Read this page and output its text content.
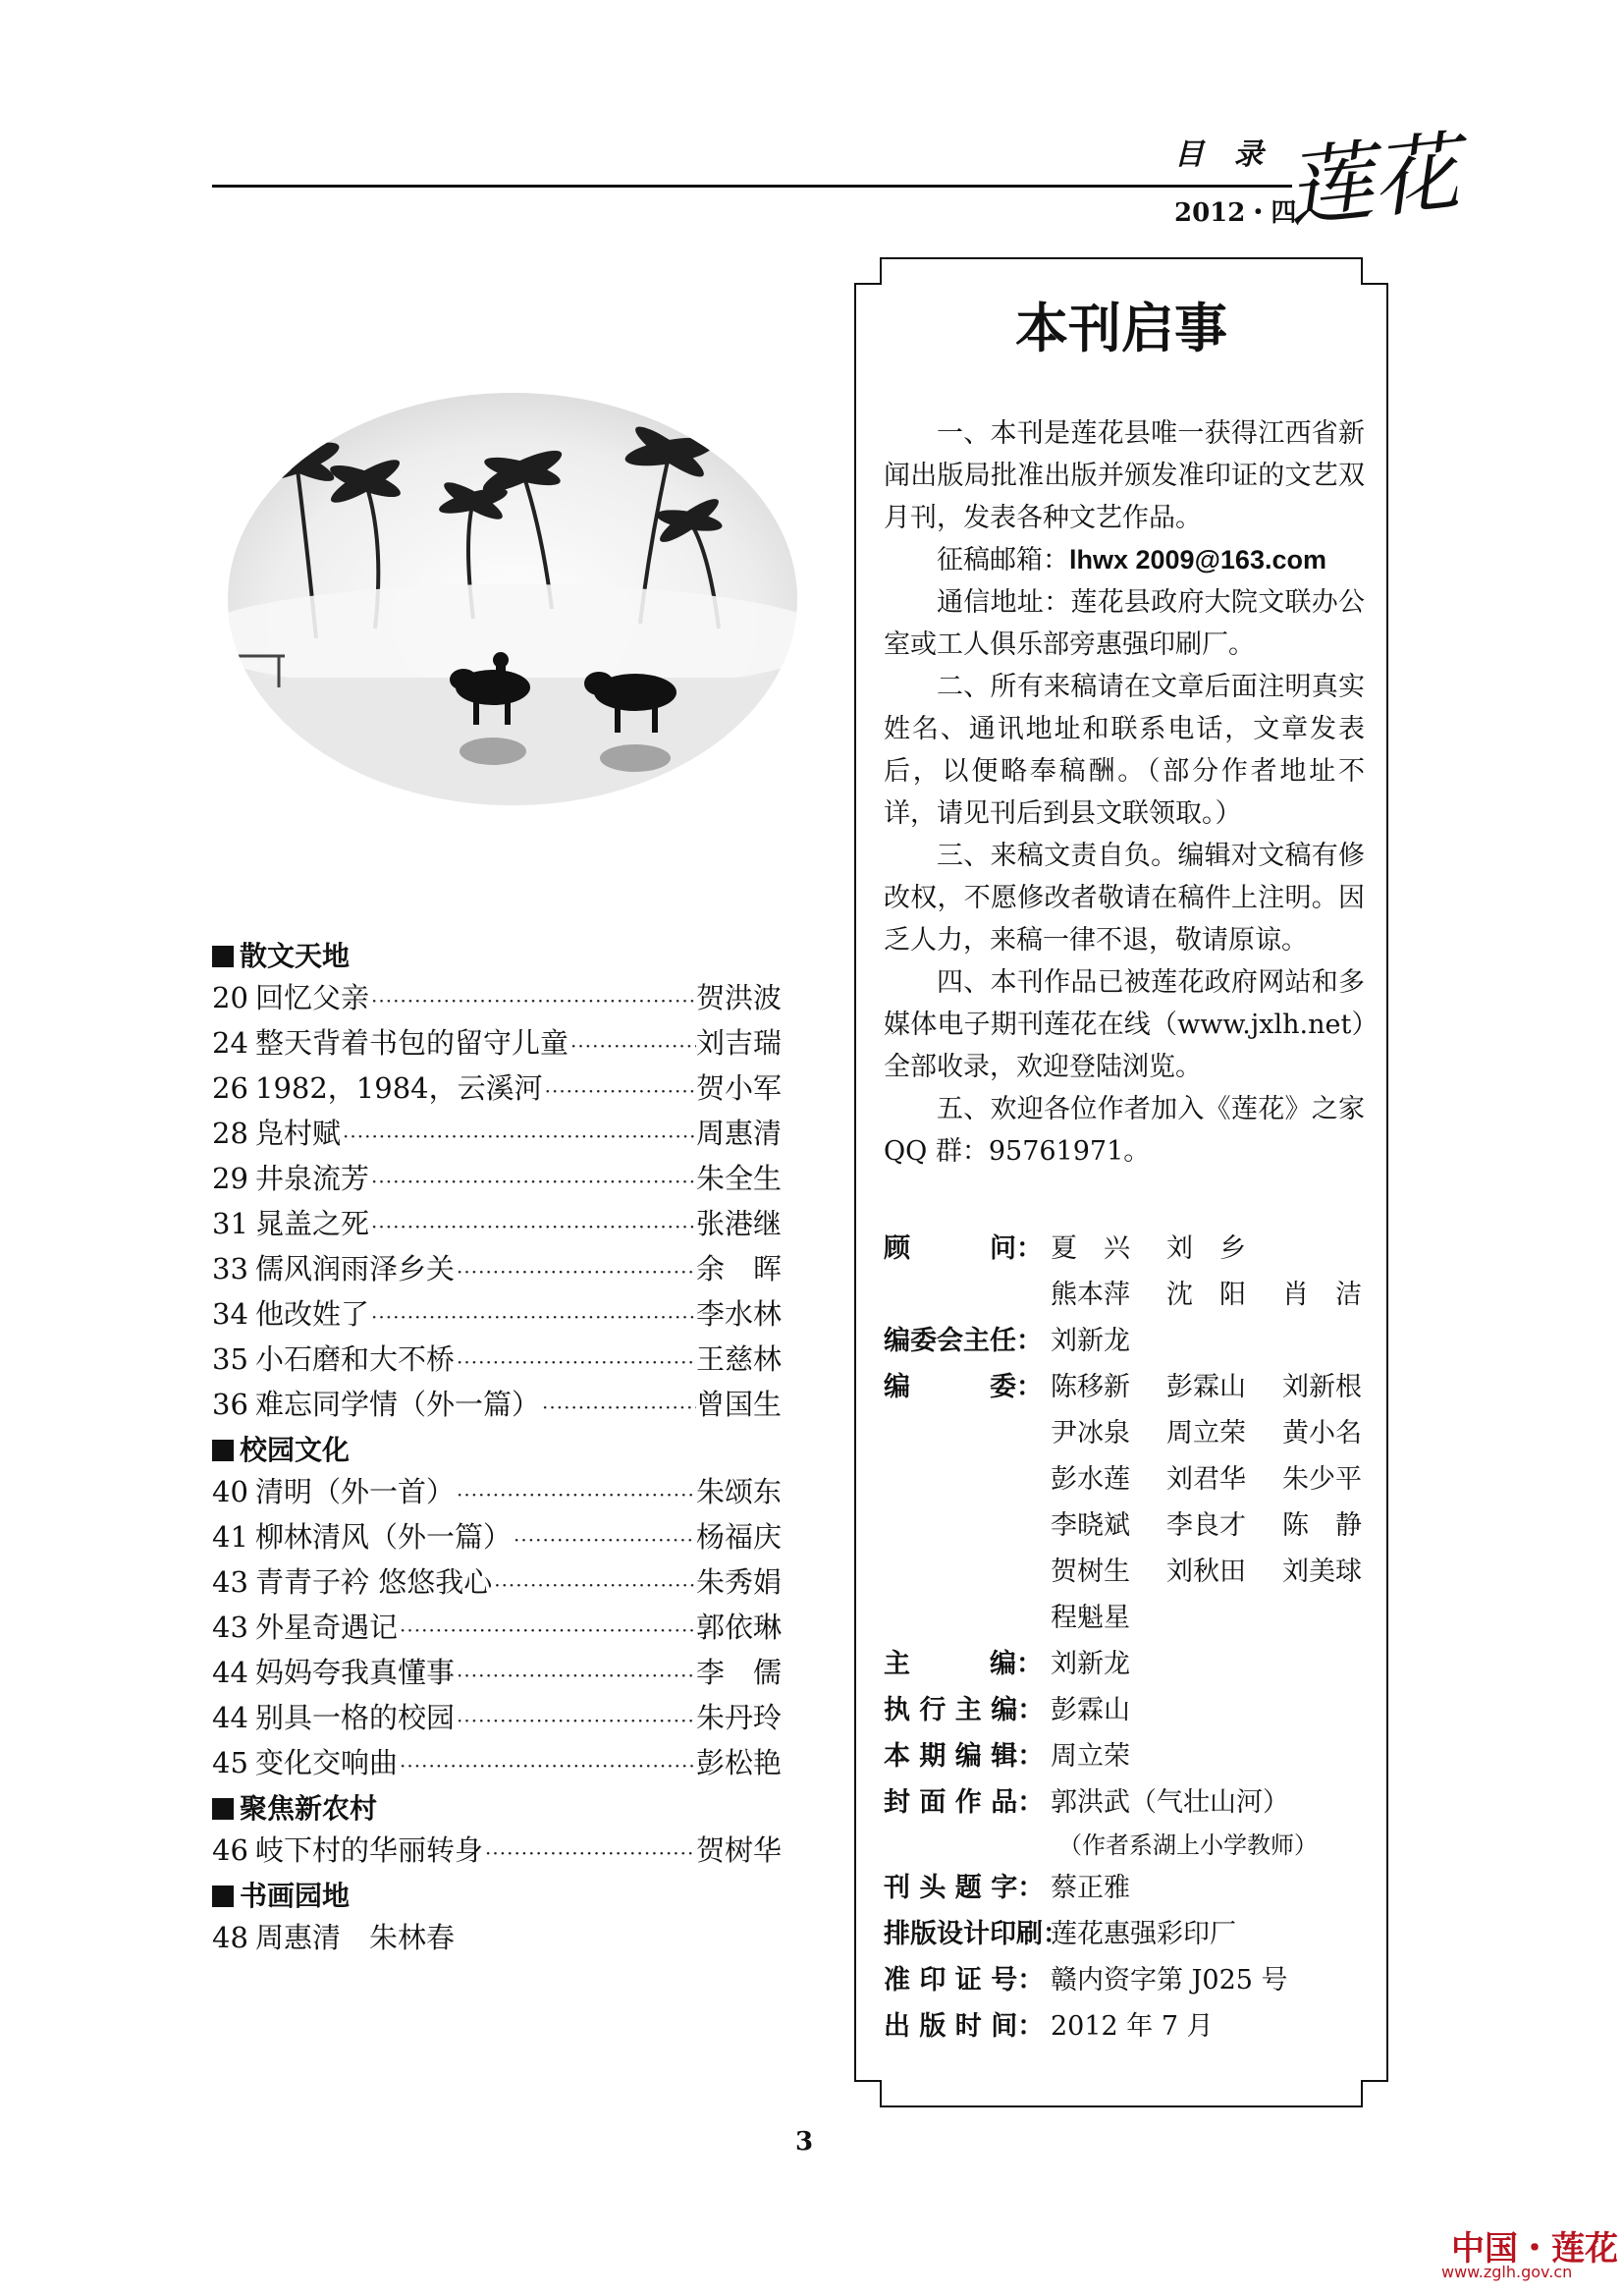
目 录
2012・四
莲花
散文天地
20 回忆父亲 ·····	贺洪波
24 整天背着书包的留守儿童 ·····	刘吉瑞
26 1982，1984，云溪河 ·····	贺小军
28 凫村赋 ·····	周惠清
29 井泉流芳 ·····	朱全生
31 晁盖之死 ·····	张港继
33 儒风润雨泽乡关 ·····	余　晖
34 他改姓了 ·····	李水林
35 小石磨和大不桥 ·····	王慈林
36 难忘同学情（外一篇） ·····	曾国生
校园文化
40 清明（外一首） ·····	朱颂东
41 柳林清风（外一篇） ·····	杨福庆
43 青青子衿 悠悠我心 ·····	朱秀娟
43 外星奇遇记 ·····	郭依琳
44 妈妈夸我真懂事 ·····	李　儒
44 别具一格的校园 ·····	朱丹玲
45 变化交响曲 ·····	彭松艳
聚焦新农村
46 岐下村的华丽转身 ·····	贺树华
书画园地
48 周惠清　朱林春
本刊启事

一、本刊是莲花县唯一获得江西省新闻出版局批准出版并颁发准印证的文艺双月刊，发表各种文艺作品。

征稿邮箱：lhwx 2009@163.com

通信地址：莲花县政府大院文联办公室或工人俱乐部旁惠强印刷厂。

二、所有来稿请在文章后面注明真实姓名、通讯地址和联系电话，文章发表后，以便略奉稿酬。（部分作者地址不详，请见刊后到县文联领取。）

三、来稿文责自负。编辑对文稿有修改权，不愿修改者敬请在稿件上注明。因乏人力，来稿一律不退，敬请原谅。

四、本刊作品已被莲花政府网站和多媒体电子期刊莲花在线（www.jxlh.net）全部收录，欢迎登陆浏览。

五、欢迎各位作者加入《莲花》之家 QQ 群：95761971。

顾　　　问： 夏　兴	刘　乡
熊本萍	沈　阳	肖　洁
编委会主任： 刘新龙
编　　　委： 陈移新	彭霖山	刘新根
尹冰泉	周立荣	黄小名
彭水莲	刘君华	朱少平
李晓斌	李良才	陈　静
贺树生	刘秋田	刘美球
程魁星
主　　　编： 刘新龙
执 行 主 编： 彭霖山
本 期 编 辑： 周立荣
封 面 作 品： 郭洪武（气壮山河）
（作者系湖上小学教师）
刊 头 题 字： 蔡正雅
排版设计印刷：
莲花惠强彩印厂
准 印 证 号： 赣内资字第 J025 号
出 版 时 间： 2012 年 7 月
3
中国・莲花
www.zglh.gov.cn
